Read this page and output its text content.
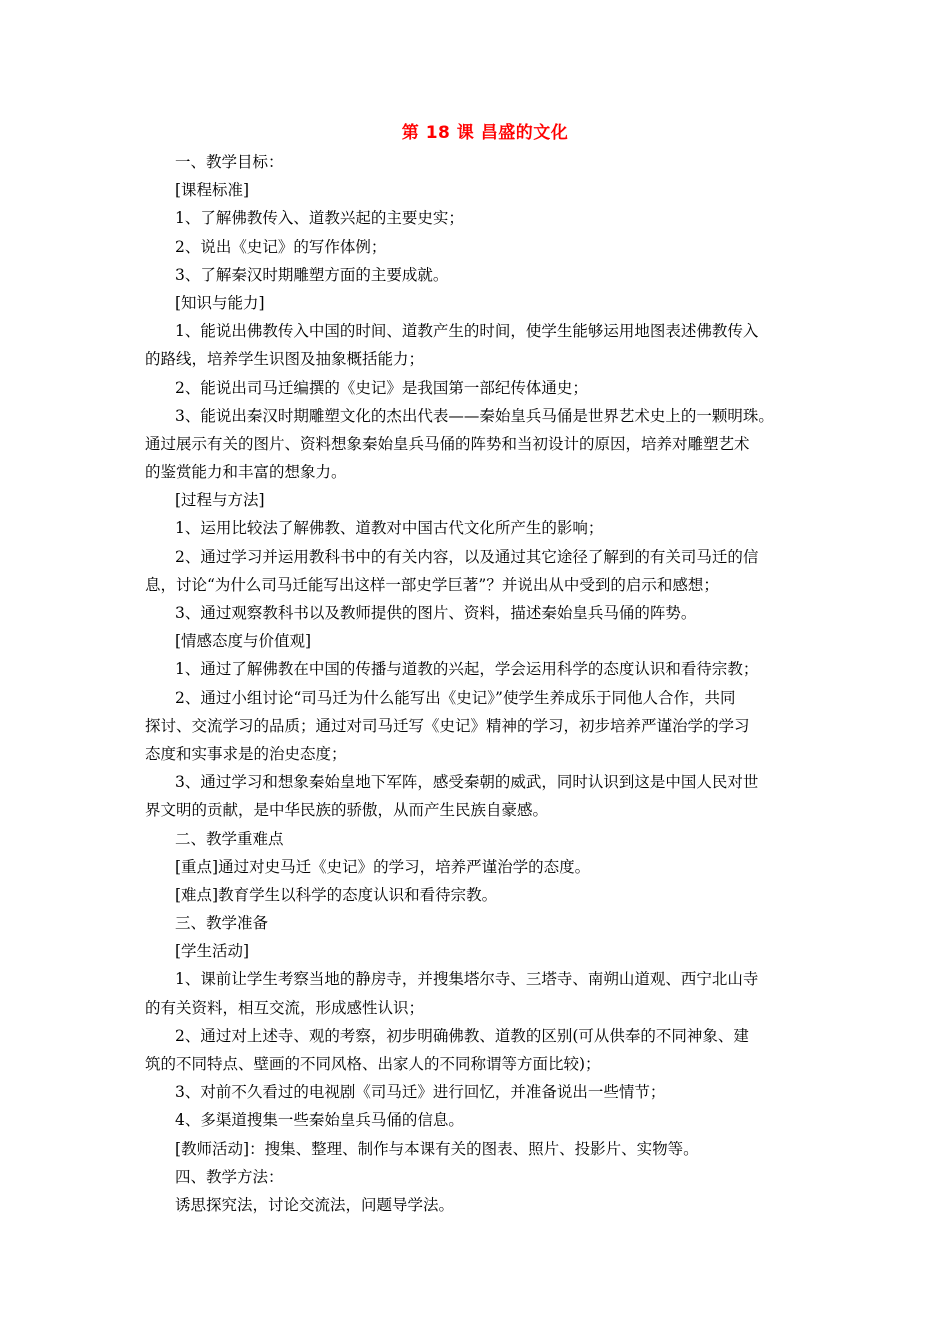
第 18 课 昌盛的文化

一、教学目标：

[课程标准]

1、了解佛教传入、道教兴起的主要史实；

2、说出《史记》的写作体例；

3、了解秦汉时期雕塑方面的主要成就。

[知识与能力]

1、能说出佛教传入中国的时间、道教产生的时间，使学生能够运用地图表述佛教传入

的路线，培养学生识图及抽象概括能力；

2、能说出司马迁编撰的《史记》是我国第一部纪传体通史；

3、能说出秦汉时期雕塑文化的杰出代表——秦始皇兵马俑是世界艺术史上的一颗明珠。

通过展示有关的图片、资料想象秦始皇兵马俑的阵势和当初设计的原因，培养对雕塑艺术

的鉴赏能力和丰富的想象力。

[过程与方法]

1、运用比较法了解佛教、道教对中国古代文化所产生的影响；

2、通过学习并运用教科书中的有关内容，以及通过其它途径了解到的有关司马迁的信

息，讨论“为什么司马迁能写出这样一部史学巨著”？并说出从中受到的启示和感想；

3、通过观察教科书以及教师提供的图片、资料，描述秦始皇兵马俑的阵势。

[情感态度与价值观]

1、通过了解佛教在中国的传播与道教的兴起，学会运用科学的态度认识和看待宗教；

2、通过小组讨论“司马迁为什么能写出《史记》”使学生养成乐于同他人合作，共同

探讨、交流学习的品质；通过对司马迁写《史记》精神的学习，初步培养严谨治学的学习

态度和实事求是的治史态度；

3、通过学习和想象秦始皇地下军阵，感受秦朝的威武，同时认识到这是中国人民对世

界文明的贡献，是中华民族的骄傲，从而产生民族自豪感。

二、教学重难点

[重点]通过对史马迁《史记》的学习，培养严谨治学的态度。

[难点]教育学生以科学的态度认识和看待宗教。

三、教学准备

[学生活动]

1、课前让学生考察当地的静房寺，并搜集塔尔寺、三塔寺、南朔山道观、西宁北山寺

的有关资料，相互交流，形成感性认识；

2、通过对上述寺、观的考察，初步明确佛教、道教的区别(可从供奉的不同神象、建

筑的不同特点、壁画的不同风格、出家人的不同称谓等方面比较)；

3、对前不久看过的电视剧《司马迁》进行回忆，并准备说出一些情节；

4、多渠道搜集一些秦始皇兵马俑的信息。

[教师活动]：搜集、整理、制作与本课有关的图表、照片、投影片、实物等。

四、教学方法：

诱思探究法，讨论交流法，问题导学法。
